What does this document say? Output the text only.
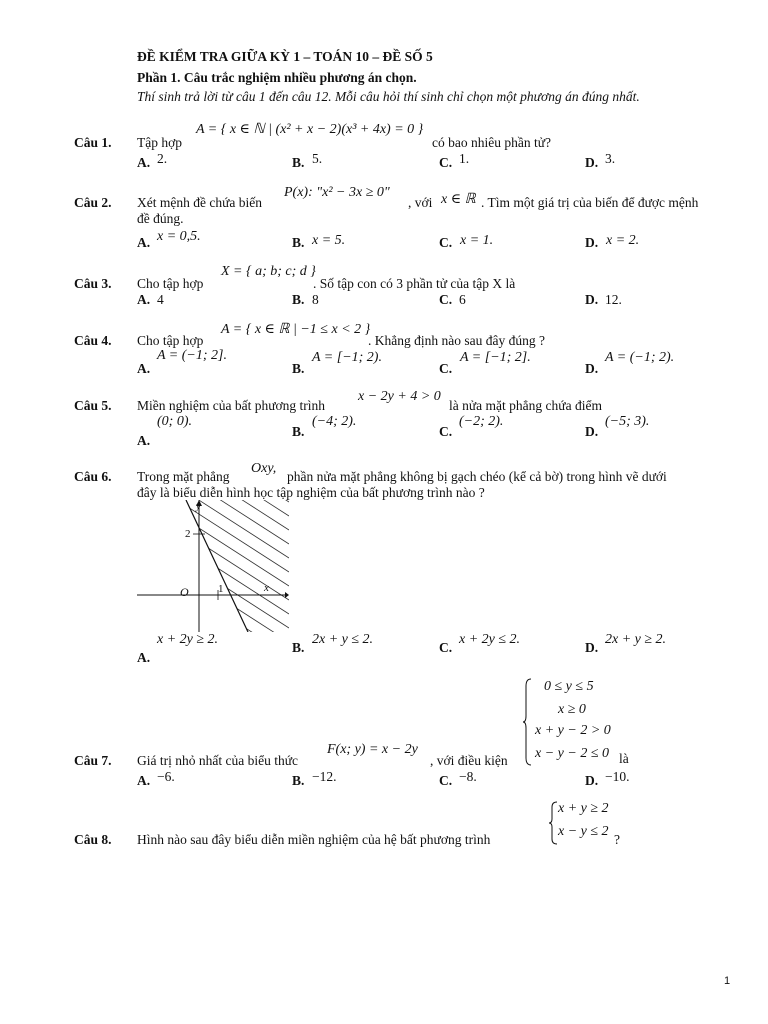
ĐỀ KIỂM TRA GIỮA KỲ 1 – TOÁN 10 – ĐỀ SỐ 5
Phần 1. Câu trắc nghiệm nhiều phương án chọn.
Thí sinh trả lời từ câu 1 đến câu 12. Mỗi câu hỏi thí sinh chỉ chọn một phương án đúng nhất.
Câu 1. Tập hợp
A = { x ∈ ℕ | (x² + x − 2)(x³ + 4x) = 0 }
có bao nhiêu phần tử?
A. 2.	B. 5.	C. 1.	D. 3.
Câu 2. Xét mệnh đề chứa biến
P(x): "x² − 3x ≥ 0"
, với x ∈ ℝ . Tìm một giá trị của biến để được mệnh
đề đúng.
A. x = 0,5.	B. x = 5.	C. x = 1.	D. x = 2.
Câu 3. Cho tập hợp
X = { a; b; c; d }
. Số tập con có 3 phần tử của tập X là
A. 4	B. 8	C. 6	D. 12.
Câu 4. Cho tập hợp
A = { x ∈ ℝ | −1 ≤ x < 2 }
. Khẳng định nào sau đây đúng ?
A.
A = (−1; 2].
B.
A = [−1; 2).
C.
A = [−1; 2].
D.
A = (−1; 2).
Câu 5. Miền nghiệm của bất phương trình
x − 2y + 4 > 0
là nửa mặt phẳng chứa điểm
A.
(0; 0).
B.
(−4; 2).
C.
(−2; 2).
D.
(−5; 3).
Câu 6. Trong mặt phẳng
Oxy,
phần nửa mặt phẳng không bị gạch chéo (kể cả bờ) trong hình vẽ dưới
đây là biểu diễn hình học tập nghiệm của bất phương trình nào ?
y
x
O
2
1
A.
x + 2y ≥ 2.
B.
2x + y ≤ 2.
C.
x + 2y ≤ 2.
D.
2x + y ≥ 2.
Câu 7. Giá trị nhỏ nhất của biểu thức
F(x; y) = x − 2y
, với điều kiện
0 ≤ y ≤ 5
x ≥ 0
x + y − 2 > 0
x − y − 2 ≤ 0 là
A. −6.	B. −12.	C. −8.	D. −10.
Câu 8. Hình nào sau đây biểu diễn miền nghiệm của hệ bất phương trình
x + y ≥ 2
x − y ≤ 2
?
1
